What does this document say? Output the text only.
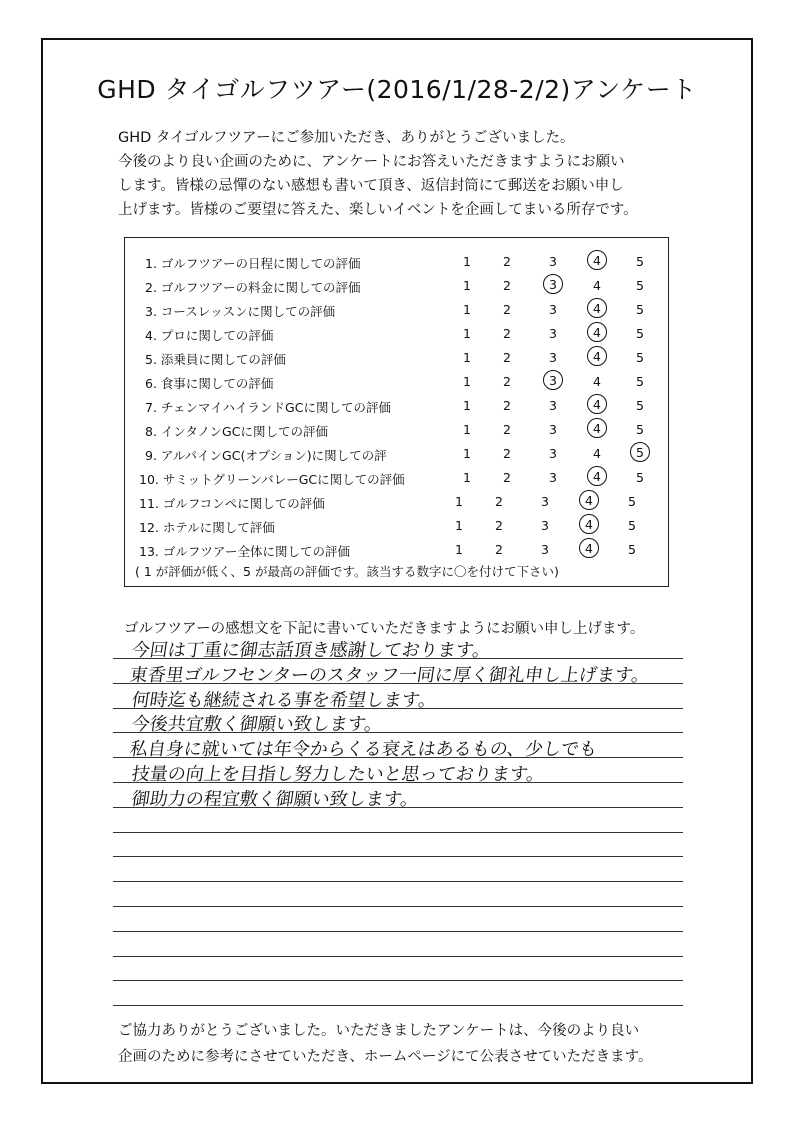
GHD タイゴルフツアー(2016/1/28-2/2)アンケート
GHD タイゴルフツアーにご参加いただき、ありがとうございました。
今後のより良い企画のために、アンケートにお答えいただきますようにお願い
します。皆様の忌憚のない感想も書いて頂き、返信封筒にて郵送をお願い申し
上げます。皆様のご要望に答えた、楽しいイベントを企画してまいる所存です。
1. ゴルフツアーの日程に関しての評価	1	2	3	4	5
2. ゴルフツアーの料金に関しての評価	1	2	3	4	5
3. コースレッスンに関しての評価	1	2	3	4	5
4. プロに関しての評価	1	2	3	4	5
5. 添乗員に関しての評価	1	2	3	4	5
6. 食事に関しての評価	1	2	3	4	5
7. チェンマイハイランドGCに関しての評価	1	2	3	4	5
8. インタノンGCに関しての評価	1	2	3	4	5
9. アルパインGC(オプション)に関しての評	1	2	3	4	5
10. サミットグリーンバレーGCに関しての評価	1	2	3	4	5
11. ゴルフコンペに関しての評価	1	2	3	4	5
12. ホテルに関して評価	1	2	3	4	5
13. ゴルフツアー全体に関しての評価	1	2	3	4	5
( 1 が評価が低く、5 が最高の評価です。該当する数字に〇を付けて下さい)
ゴルフツアーの感想文を下記に書いていただきますようにお願い申し上げます。
今回は丁重に御志話頂き感謝しております。
東香里ゴルフセンターのスタッフ一同に厚く御礼申し上げます。
何時迄も継続される事を希望します。
今後共宜敷く御願い致します。
私自身に就いては年令からくる衰えはあるもの、少しでも
技量の向上を目指し努力したいと思っております。
御助力の程宜敷く御願い致します。
ご協力ありがとうございました。いただきましたアンケートは、今後のより良い
企画のために参考にさせていただき、ホームページにて公表させていただきます。
